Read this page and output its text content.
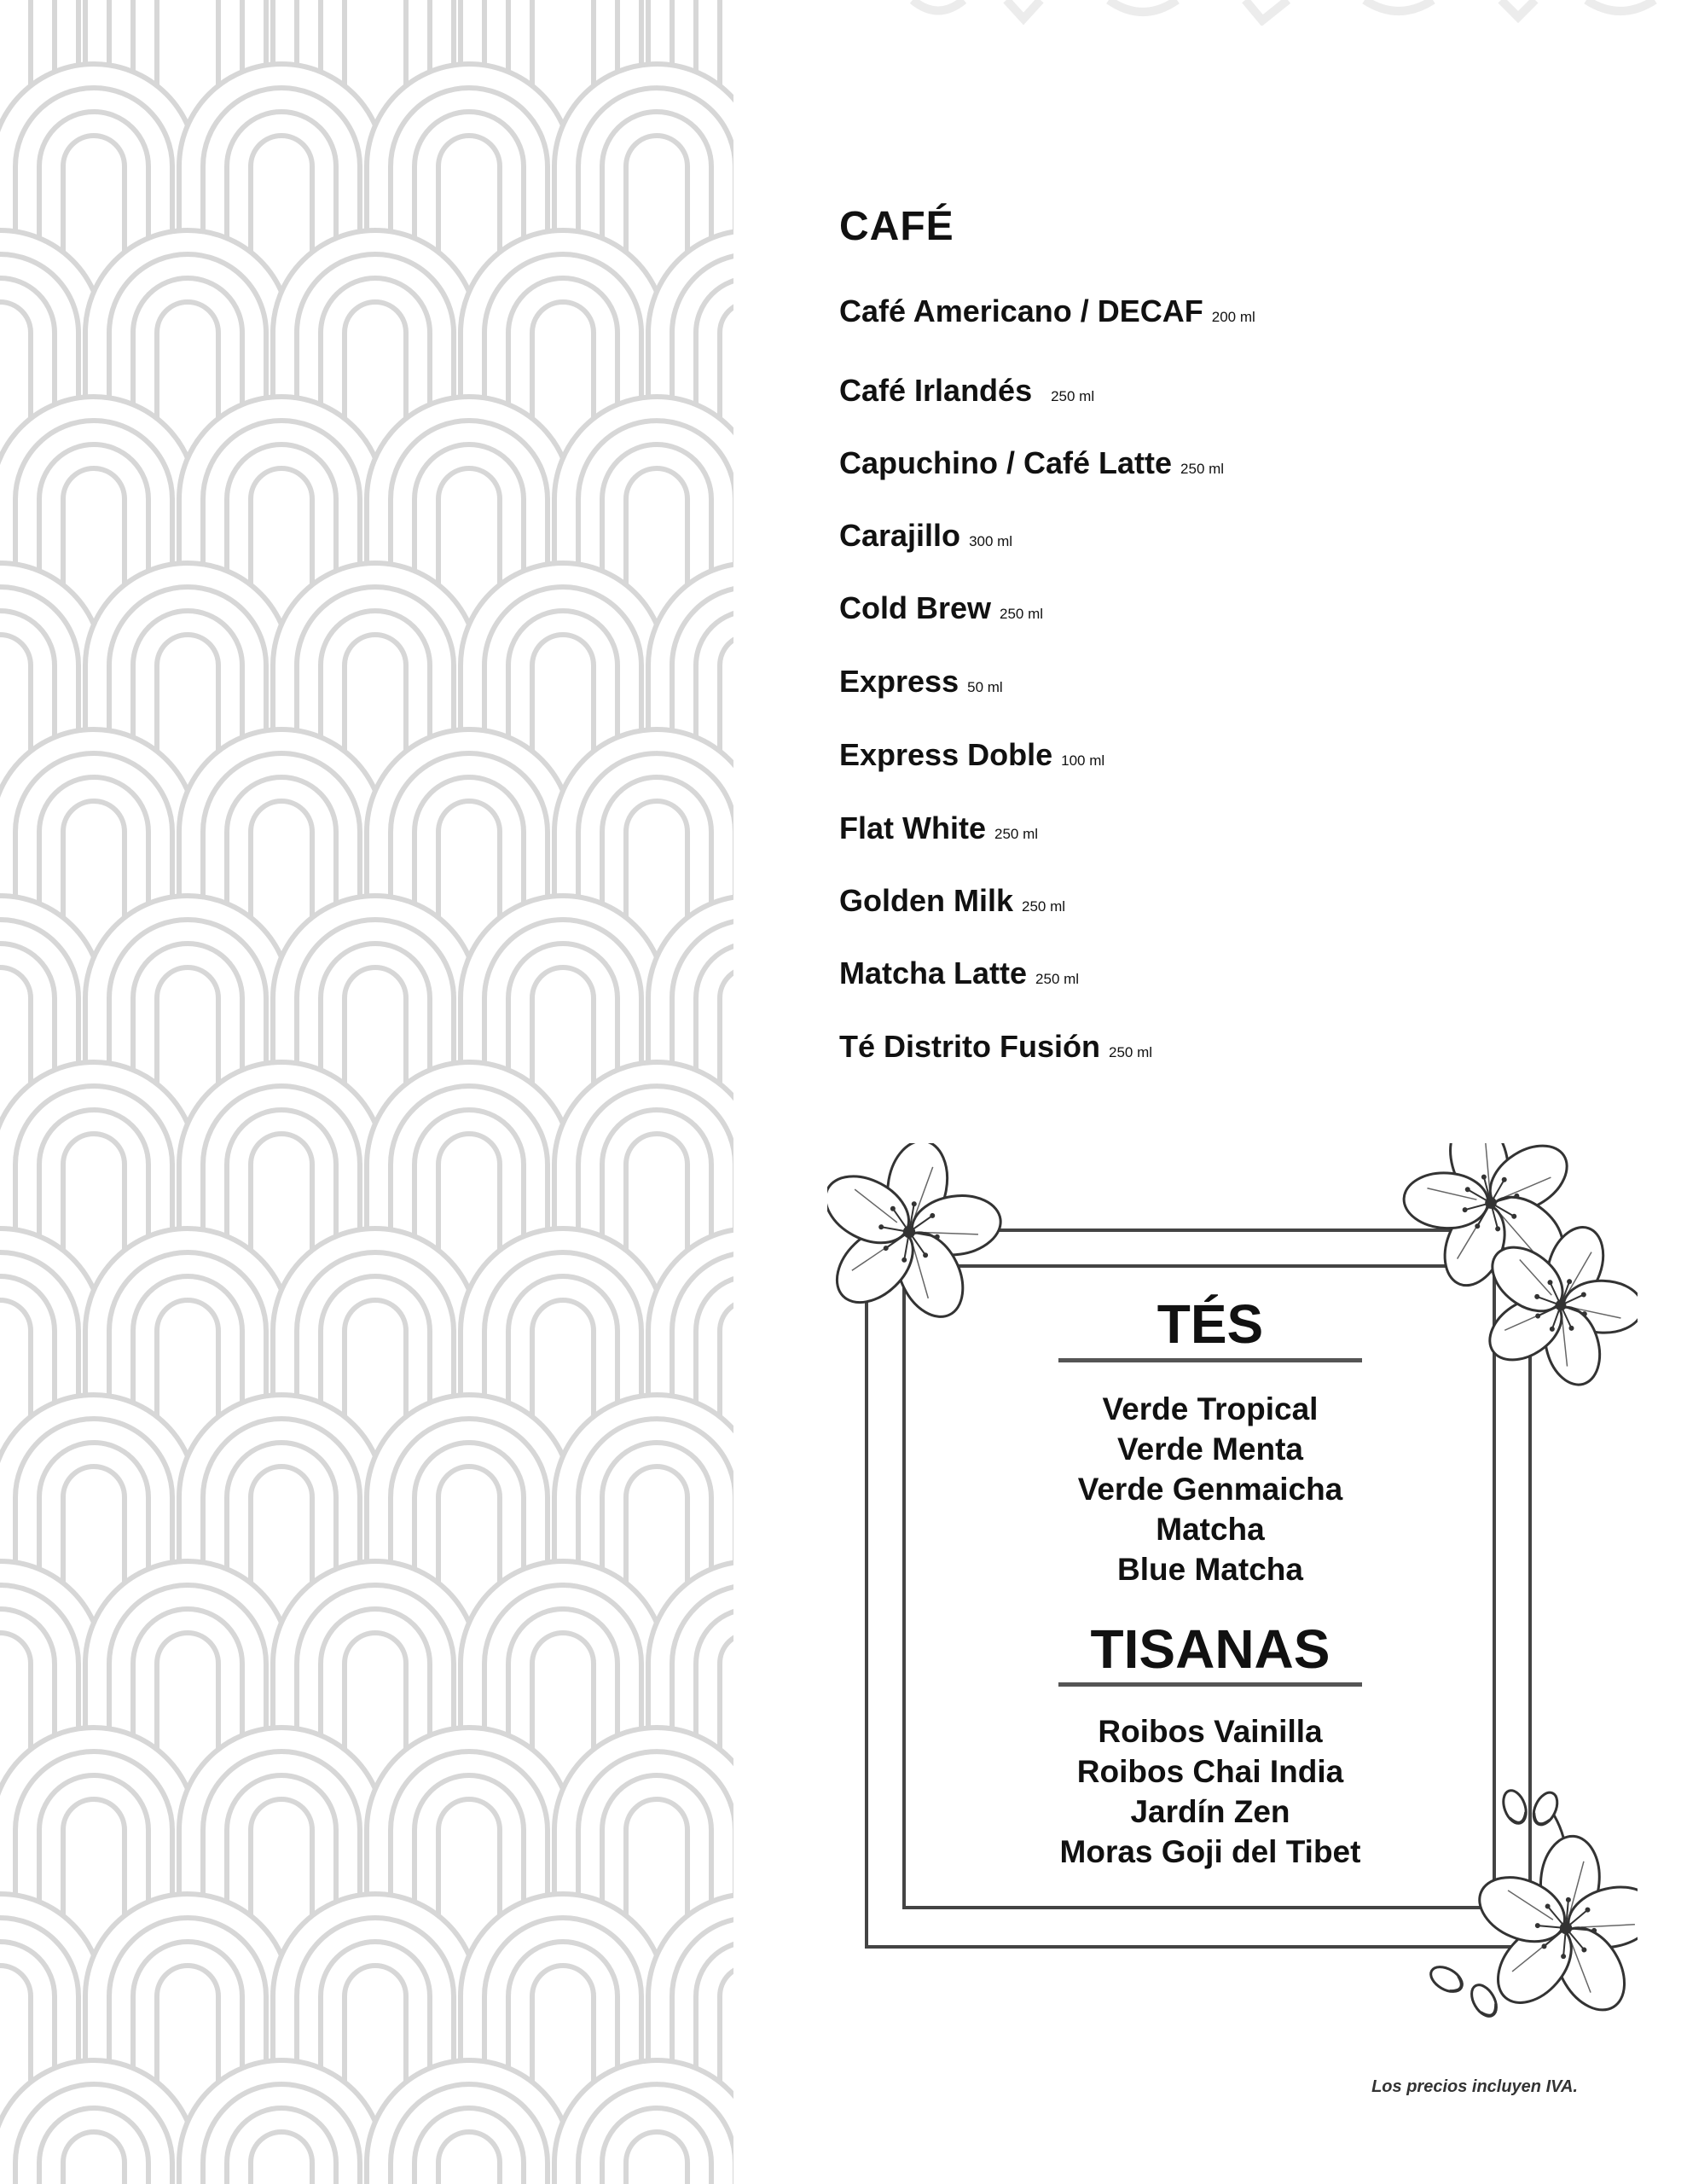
CAFÉ
Café Americano / DECAF 200 ml
Café Irlandés 250 ml
Capuchino / Café Latte 250 ml
Carajillo 300 ml
Cold Brew 250 ml
Express 50 ml
Express Doble 100 ml
Flat White 250 ml
Golden Milk 250 ml
Matcha Latte 250 ml
Té Distrito Fusión 250 ml
TÉS
Verde Tropical
Verde Menta
Verde Genmaicha
Matcha
Blue Matcha
TISANAS
Roibos Vainilla
Roibos Chai India
Jardín Zen
Moras Goji del Tibet
Los precios incluyen IVA.
